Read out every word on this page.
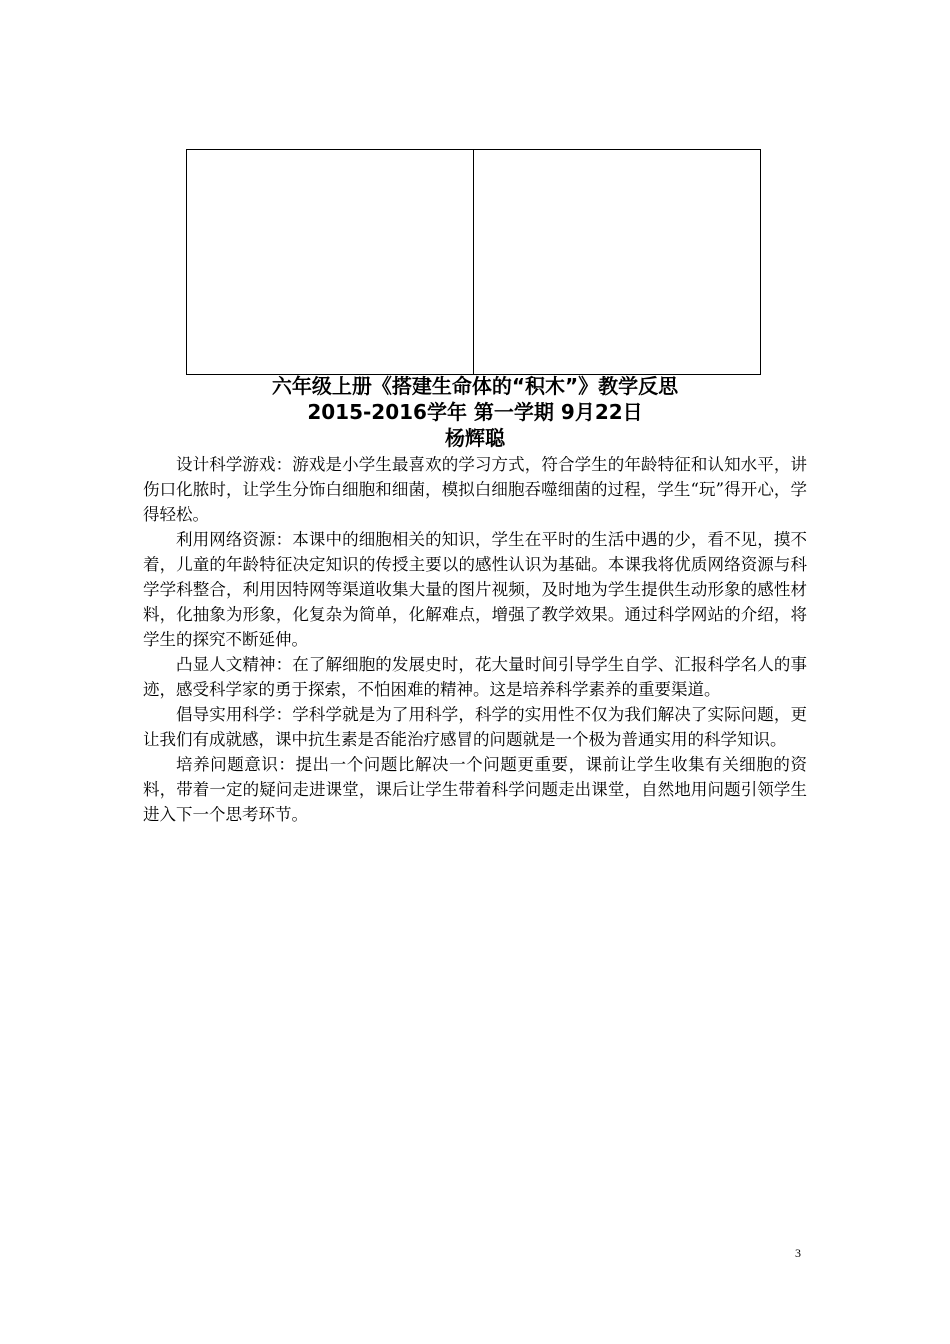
六年级上册《搭建生命体的“积木”》教学反思
2015-2016学年 第一学期 9月22日
杨辉聪

设计科学游戏：游戏是小学生最喜欢的学习方式，符合学生的年龄特征和认知水平，讲伤口化脓时，让学生分饰白细胞和细菌，模拟白细胞吞噬细菌的过程，学生“玩”得开心，学得轻松。

利用网络资源：本课中的细胞相关的知识，学生在平时的生活中遇的少，看不见，摸不着，儿童的年龄特征决定知识的传授主要以的感性认识为基础。本课我将优质网络资源与科学学科整合，利用因特网等渠道收集大量的图片视频，及时地为学生提供生动形象的感性材料，化抽象为形象，化复杂为简单，化解难点，增强了教学效果。通过科学网站的介绍，将学生的探究不断延伸。

凸显人文精神：在了解细胞的发展史时，花大量时间引导学生自学、汇报科学名人的事迹，感受科学家的勇于探索，不怕困难的精神。这是培养科学素养的重要渠道。

倡导实用科学：学科学就是为了用科学，科学的实用性不仅为我们解决了实际问题，更让我们有成就感，课中抗生素是否能治疗感冒的问题就是一个极为普通实用的科学知识。

培养问题意识：提出一个问题比解决一个问题更重要，课前让学生收集有关细胞的资料，带着一定的疑问走进课堂，课后让学生带着科学问题走出课堂，自然地用问题引领学生进入下一个思考环节。

3
